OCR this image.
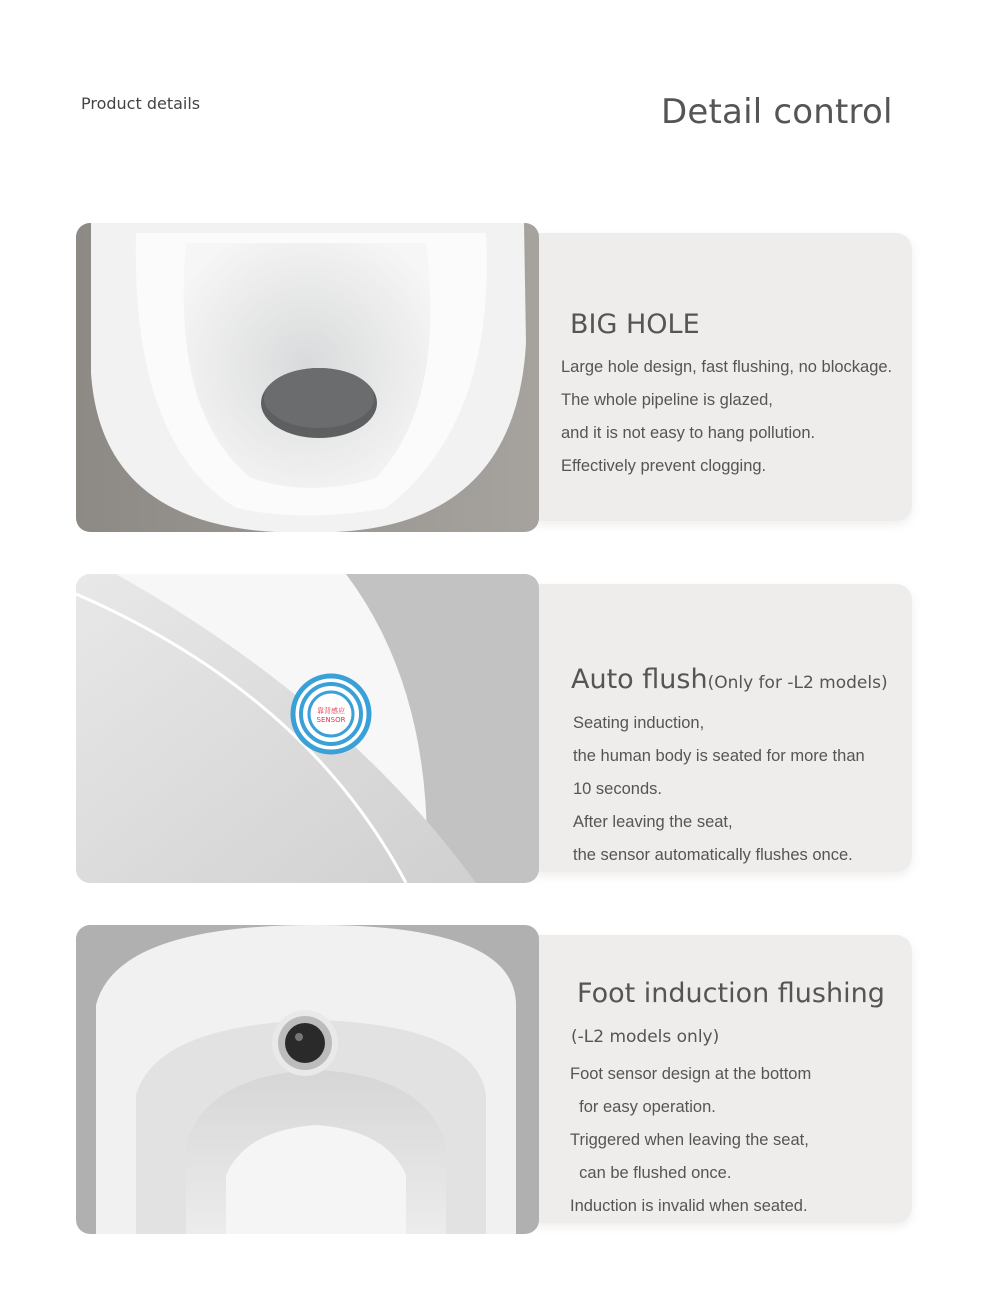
Product details	Detail control
BIG HOLE
Large hole design, fast flushing, no blockage.
The whole pipeline is glazed,
and it is not easy to hang pollution.
Effectively prevent clogging.
靠背感应
SENSOR
Auto flush(Only for -L2 models)
Seating induction,
the human body is seated for more than
10 seconds.
After leaving the seat,
the sensor automatically flushes once.
Foot induction flushing
(-L2 models only)
Foot sensor design at the bottom
for easy operation.
Triggered when leaving the seat,
can be flushed once.
Induction is invalid when seated.
